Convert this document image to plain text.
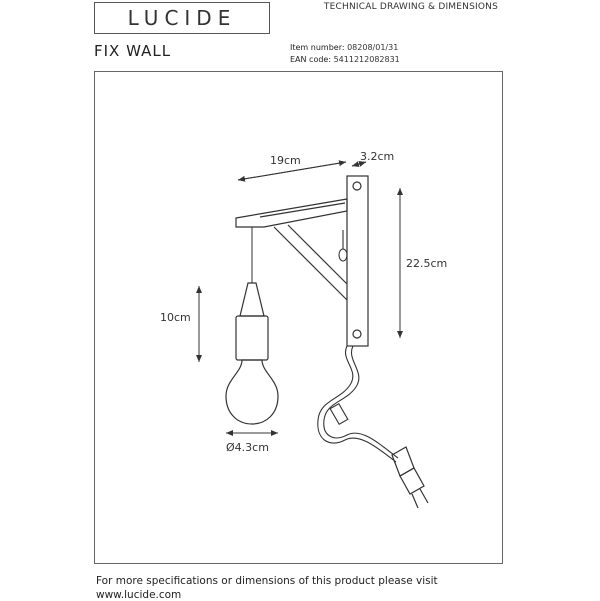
LUCIDE	TECHNICAL DRAWING & DIMENSIONS
FIX WALL	Item number: 08208/01/31
EAN code: 5411212082831
19cm	3.2cm
22.5cm
10cm
Ø4.3cm
For more specifications or dimensions of this product please visit
www.lucide.com
